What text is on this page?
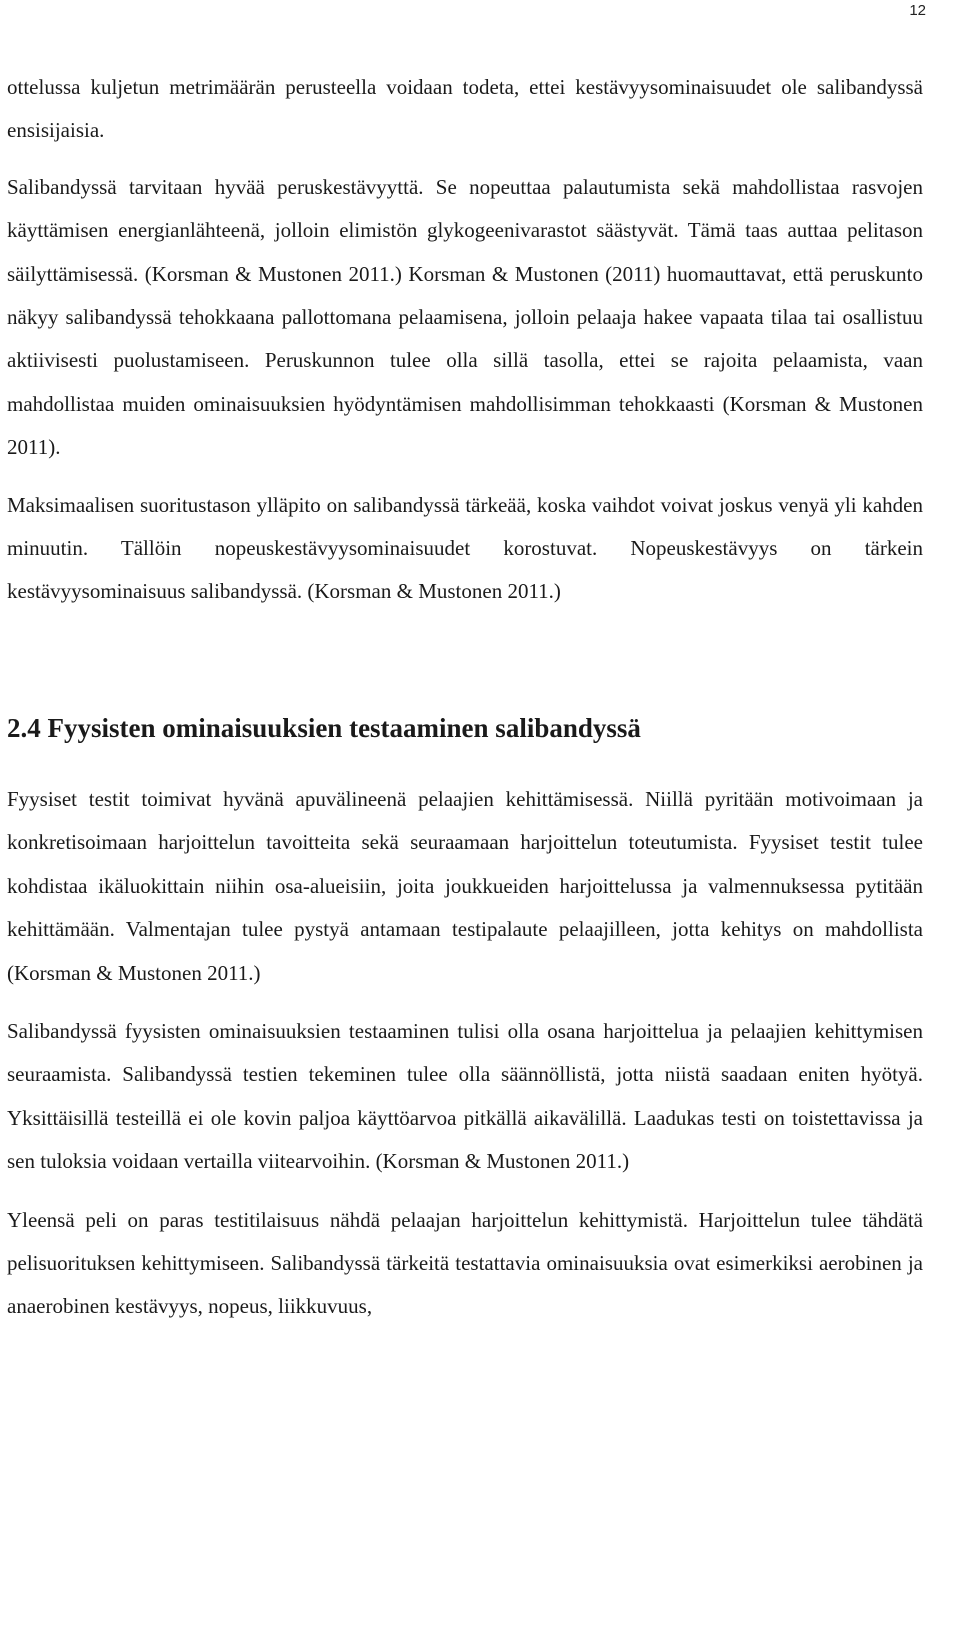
12

ottelussa kuljetun metrimäärän perusteella voidaan todeta, ettei kestävyysominaisuudet ole salibandyssä ensisijaisia.

Salibandyssä tarvitaan hyvää peruskestävyyttä. Se nopeuttaa palautumista sekä mahdollistaa rasvojen käyttämisen energianlähteenä, jolloin elimistön glykogeenivarastot säästyvät. Tämä taas auttaa pelitason säilyttämisessä. (Korsman & Mustonen 2011.) Korsman & Mustonen (2011) huomauttavat, että peruskunto näkyy salibandyssä tehokkaana pallottomana pelaamisena, jolloin pelaaja hakee vapaata tilaa tai osallistuu aktiivisesti puolustamiseen. Peruskunnon tulee olla sillä tasolla, ettei se rajoita pelaamista, vaan mahdollistaa muiden ominaisuuksien hyödyntämisen mahdollisimman tehokkaasti (Korsman & Mustonen 2011).

Maksimaalisen suoritustason ylläpito on salibandyssä tärkeää, koska vaihdot voivat joskus venyä yli kahden minuutin. Tällöin nopeuskestävyysominaisuudet korostuvat. Nopeuskestävyys on tärkein kestävyysominaisuus salibandyssä. (Korsman & Mustonen 2011.)

2.4 Fyysisten ominaisuuksien testaaminen salibandyssä

Fyysiset testit toimivat hyvänä apuvälineenä pelaajien kehittämisessä. Niillä pyritään motivoimaan ja konkretisoimaan harjoittelun tavoitteita sekä seuraamaan harjoittelun toteutumista. Fyysiset testit tulee kohdistaa ikäluokittain niihin osa-alueisiin, joita joukkueiden harjoittelussa ja valmennuksessa pytitään kehittämään. Valmentajan tulee pystyä antamaan testipalaute pelaajilleen, jotta kehitys on mahdollista (Korsman & Mustonen 2011.)

Salibandyssä fyysisten ominaisuuksien testaaminen tulisi olla osana harjoittelua ja pelaajien kehittymisen seuraamista. Salibandyssä testien tekeminen tulee olla säännöllistä, jotta niistä saadaan eniten hyötyä. Yksittäisillä testeillä ei ole kovin paljoa käyttöarvoa pitkällä aikavälillä. Laadukas testi on toistettavissa ja sen tuloksia voidaan vertailla viitearvoihin. (Korsman & Mustonen 2011.)

Yleensä peli on paras testitilaisuus nähdä pelaajan harjoittelun kehittymistä. Harjoittelun tulee tähdätä pelisuorituksen kehittymiseen. Salibandyssä tärkeitä testattavia ominaisuuksia ovat esimerkiksi aerobinen ja anaerobinen kestävyys, nopeus, liikkuvuus,
